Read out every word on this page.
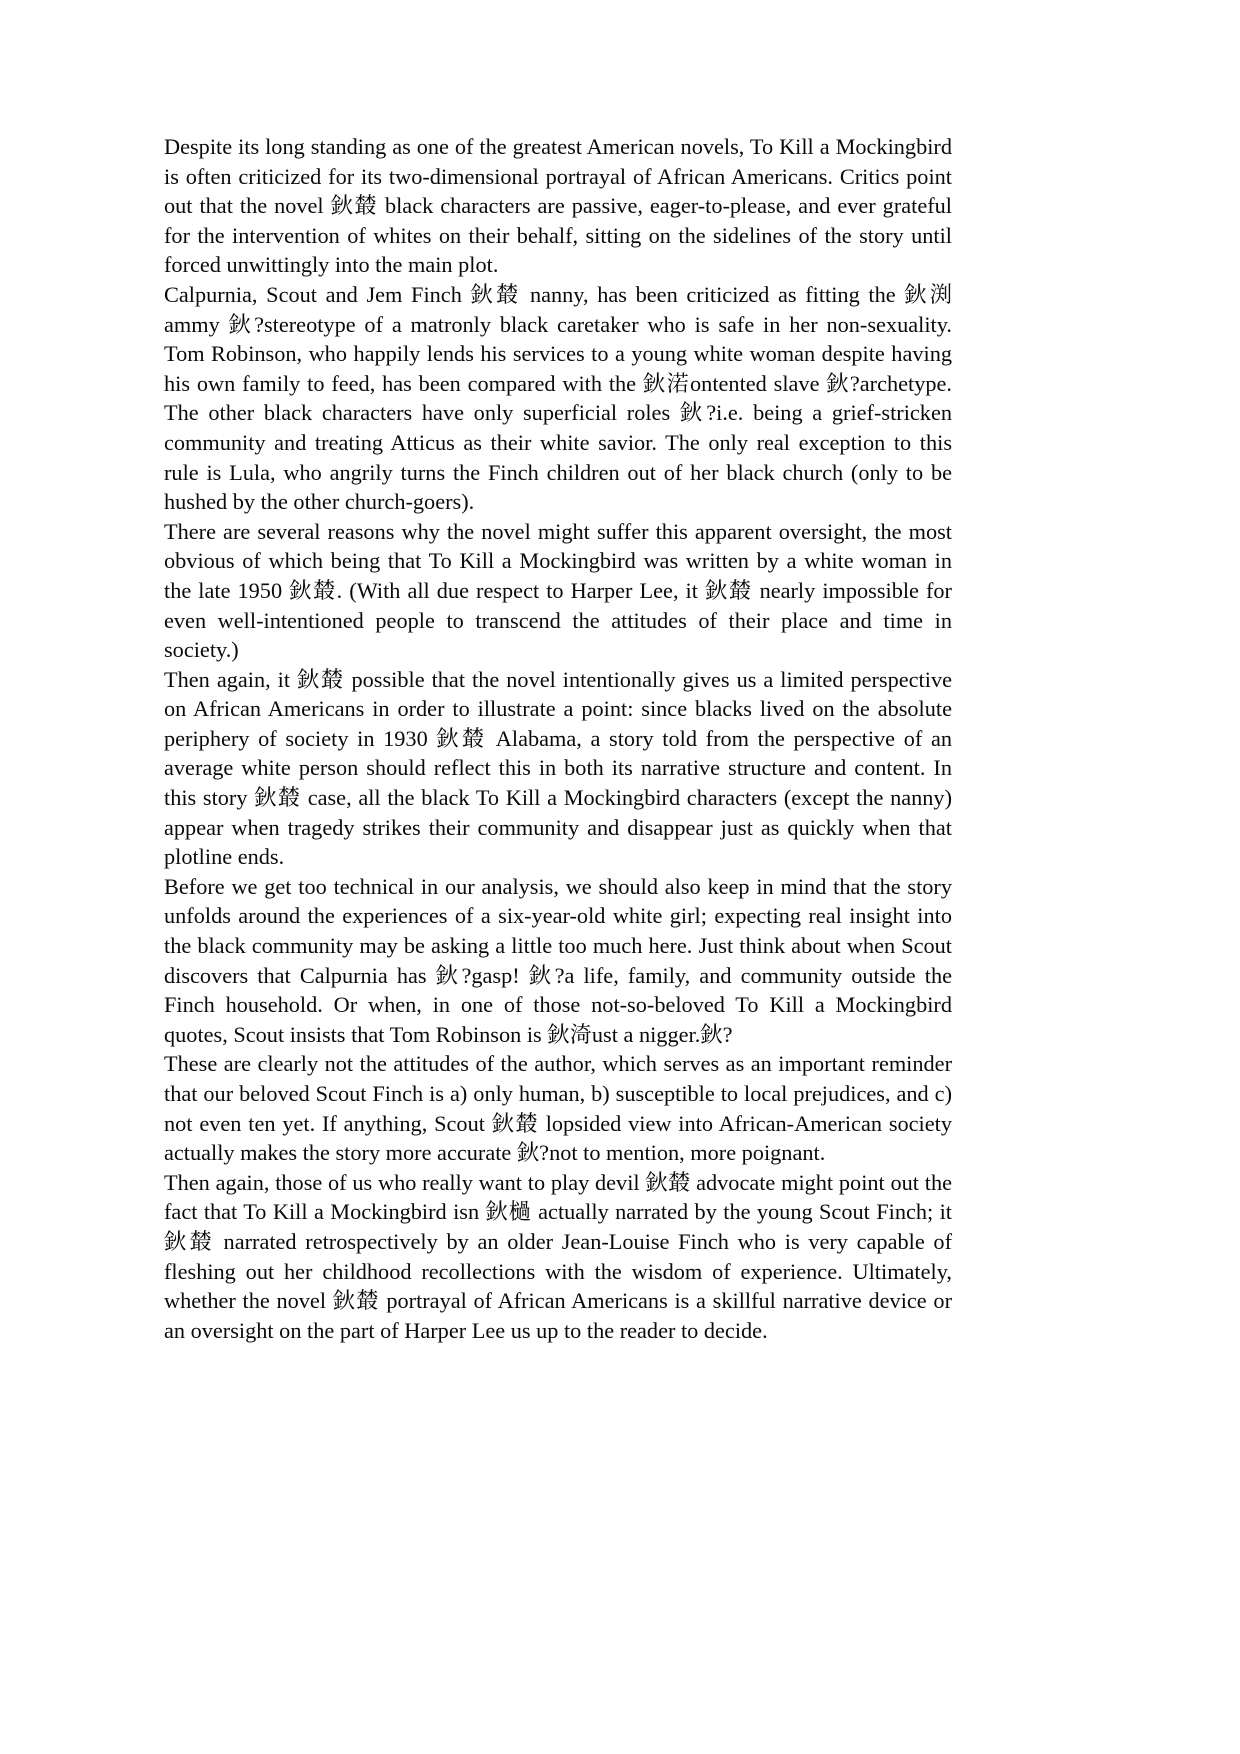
Despite its long standing as one of the greatest American novels, To Kill a Mockingbird is often criticized for its two-dimensional portrayal of African Americans. Critics point out that the novel 鈥樷 black characters are passive, eager-to-please, and ever grateful for the intervention of whites on their behalf, sitting on the sidelines of the story until forced unwittingly into the main plot.

Calpurnia, Scout and Jem Finch 鈥樷 nanny, has been criticized as fitting the 鈥渕ammy 鈥?stereotype of a matronly black caretaker who is safe in her non-sexuality. Tom Robinson, who happily lends his services to a young white woman despite having his own family to feed, has been compared with the 鈥渃ontented slave 鈥?archetype. The other black characters have only superficial roles 鈥?i.e. being a grief-stricken community and treating Atticus as their white savior. The only real exception to this rule is Lula, who angrily turns the Finch children out of her black church (only to be hushed by the other church-goers).

There are several reasons why the novel might suffer this apparent oversight, the most obvious of which being that To Kill a Mockingbird was written by a white woman in the late 1950 鈥樷. (With all due respect to Harper Lee, it 鈥樷 nearly impossible for even well-intentioned people to transcend the attitudes of their place and time in society.)

Then again, it 鈥樷 possible that the novel intentionally gives us a limited perspective on African Americans in order to illustrate a point: since blacks lived on the absolute periphery of society in 1930 鈥樷 Alabama, a story told from the perspective of an average white person should reflect this in both its narrative structure and content. In this story 鈥樷 case, all the black To Kill a Mockingbird characters (except the nanny) appear when tragedy strikes their community and disappear just as quickly when that plotline ends.

Before we get too technical in our analysis, we should also keep in mind that the story unfolds around the experiences of a six-year-old white girl; expecting real insight into the black community may be asking a little too much here. Just think about when Scout discovers that Calpurnia has 鈥?gasp! 鈥?a life, family, and community outside the Finch household. Or when, in one of those not-so-beloved To Kill a Mockingbird quotes, Scout insists that Tom Robinson is 鈥渏ust a nigger.鈥?

These are clearly not the attitudes of the author, which serves as an important reminder that our beloved Scout Finch is a) only human, b) susceptible to local prejudices, and c) not even ten yet. If anything, Scout 鈥樷 lopsided view into African-American society actually makes the story more accurate 鈥?not to mention, more poignant.

Then again, those of us who really want to play devil 鈥樷 advocate might point out the fact that To Kill a Mockingbird isn 鈥檛 actually narrated by the young Scout Finch; it 鈥樷 narrated retrospectively by an older Jean-Louise Finch who is very capable of fleshing out her childhood recollections with the wisdom of experience. Ultimately, whether the novel 鈥樷 portrayal of African Americans is a skillful narrative device or an oversight on the part of Harper Lee us up to the reader to decide.
